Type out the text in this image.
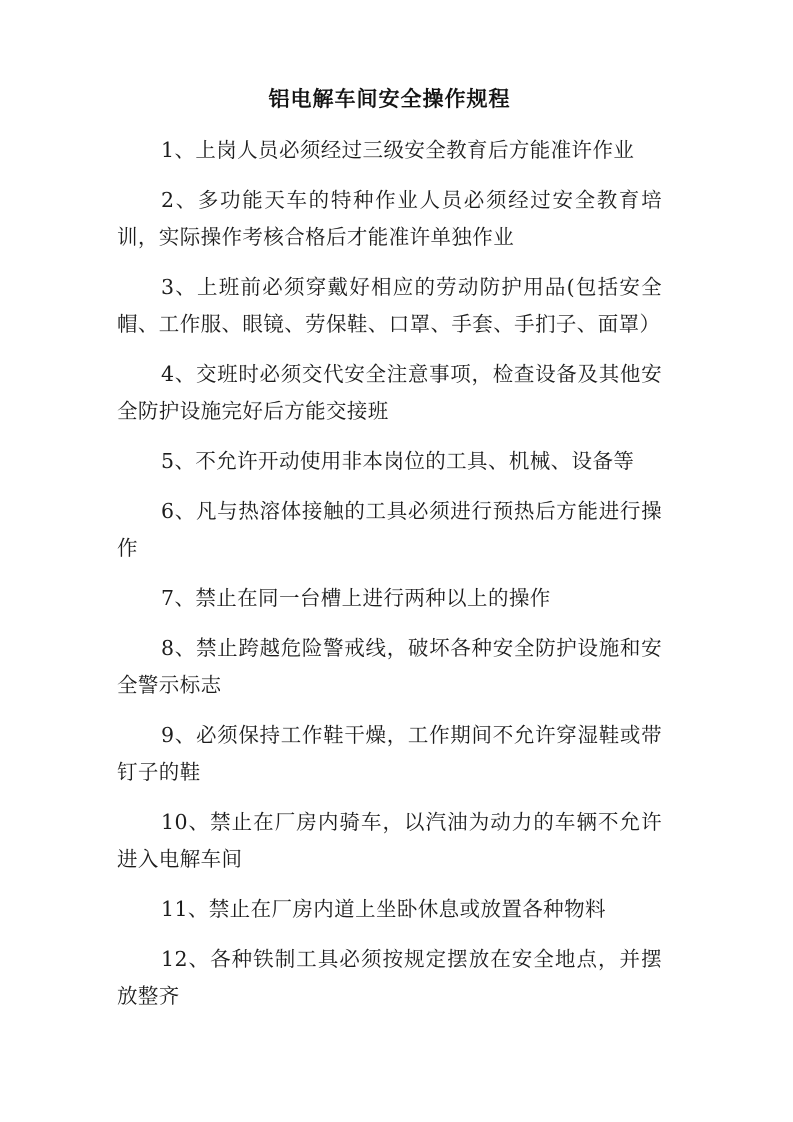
铝电解车间安全操作规程

1、上岗人员必须经过三级安全教育后方能准许作业

2、多功能天车的特种作业人员必须经过安全教育培训，实际操作考核合格后才能准许单独作业

3、上班前必须穿戴好相应的劳动防护用品(包括安全帽、工作服、眼镜、劳保鞋、口罩、手套、手扪子、面罩）

4、交班时必须交代安全注意事项，检查设备及其他安全防护设施完好后方能交接班

5、不允许开动使用非本岗位的工具、机械、设备等

6、凡与热溶体接触的工具必须进行预热后方能进行操作

7、禁止在同一台槽上进行两种以上的操作

8、禁止跨越危险警戒线，破坏各种安全防护设施和安全警示标志

9、必须保持工作鞋干燥，工作期间不允许穿湿鞋或带钉子的鞋

10、禁止在厂房内骑车，以汽油为动力的车辆不允许进入电解车间

11、禁止在厂房内道上坐卧休息或放置各种物料

12、各种铁制工具必须按规定摆放在安全地点，并摆放整齐
